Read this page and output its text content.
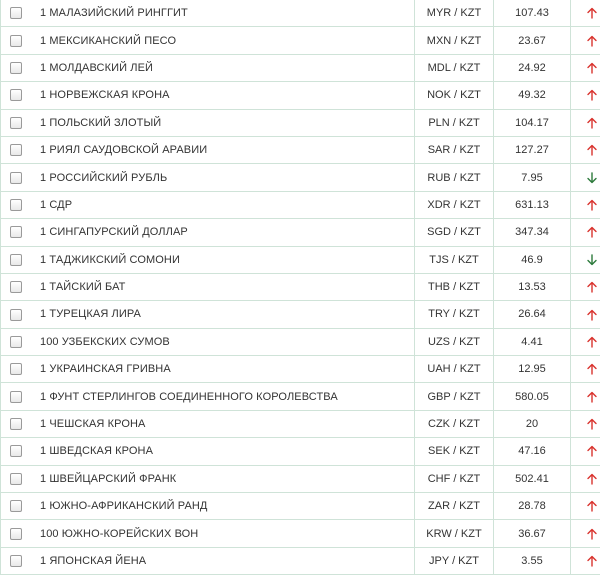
	1 МАЛАЗИЙСКИЙ РИНГГИТ	MYR / KZT	107.43	

	1 МЕКСИКАНСКИЙ ПЕСО	MXN / KZT	23.67	

	1 МОЛДАВСКИЙ ЛЕЙ	MDL / KZT	24.92	

	1 НОРВЕЖСКАЯ КРОНА	NOK / KZT	49.32	

	1 ПОЛЬСКИЙ ЗЛОТЫЙ	PLN / KZT	104.17	

	1 РИЯЛ САУДОВСКОЙ АРАВИИ	SAR / KZT	127.27	

	1 РОССИЙСКИЙ РУБЛЬ	RUB / KZT	7.95	

	1 СДР	XDR / KZT	631.13	

	1 СИНГАПУРСКИЙ ДОЛЛАР	SGD / KZT	347.34	

	1 ТАДЖИКСКИЙ СОМОНИ	TJS / KZT	46.9	

	1 ТАЙСКИЙ БАТ	THB / KZT	13.53	

	1 ТУРЕЦКАЯ ЛИРА	TRY / KZT	26.64	

	100 УЗБЕКСКИХ СУМОВ	UZS / KZT	4.41	

	1 УКРАИНСКАЯ ГРИВНА	UAH / KZT	12.95	

	1 ФУНТ СТЕРЛИНГОВ СОЕДИНЕННОГО КОРОЛЕВСТВА	GBP / KZT	580.05	

	1 ЧЕШСКАЯ КРОНА	CZK / KZT	20	

	1 ШВЕДСКАЯ КРОНА	SEK / KZT	47.16	

	1 ШВЕЙЦАРСКИЙ ФРАНК	CHF / KZT	502.41	

	1 ЮЖНО-АФРИКАНСКИЙ РАНД	ZAR / KZT	28.78	

	100 ЮЖНО-КОРЕЙСКИХ ВОН	KRW / KZT	36.67	

	1 ЯПОНСКАЯ ЙЕНА	JPY / KZT	3.55	
